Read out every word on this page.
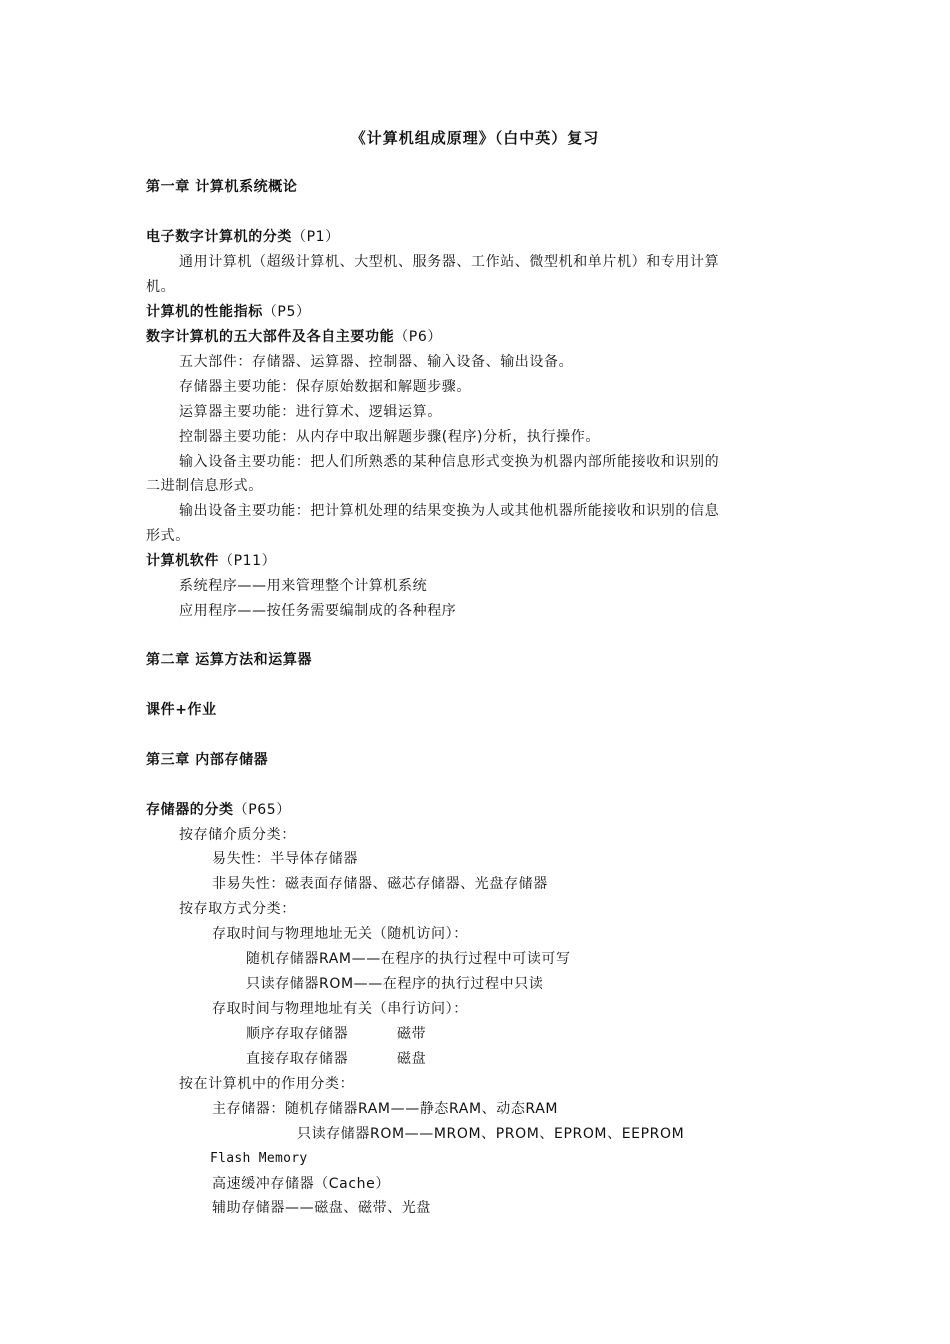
《计算机组成原理》（白中英）复习
第一章 计算机系统概论
电子数字计算机的分类（P1）
通用计算机（超级计算机、大型机、服务器、工作站、微型机和单片机）和专用计算
机。
计算机的性能指标（P5）
数字计算机的五大部件及各自主要功能（P6）
五大部件：存储器、运算器、控制器、输入设备、输出设备。
存储器主要功能：保存原始数据和解题步骤。
运算器主要功能：进行算术、逻辑运算。
控制器主要功能：从内存中取出解题步骤(程序)分析，执行操作。
输入设备主要功能：把人们所熟悉的某种信息形式变换为机器内部所能接收和识别的
二进制信息形式。
输出设备主要功能：把计算机处理的结果变换为人或其他机器所能接收和识别的信息
形式。
计算机软件（P11）
系统程序——用来管理整个计算机系统
应用程序——按任务需要编制成的各种程序
第二章 运算方法和运算器
课件+作业
第三章 内部存储器
存储器的分类（P65）
按存储介质分类：
易失性：半导体存储器
非易失性：磁表面存储器、磁芯存储器、光盘存储器
按存取方式分类：
存取时间与物理地址无关（随机访问）：
随机存储器RAM——在程序的执行过程中可读可写
只读存储器ROM——在程序的执行过程中只读
存取时间与物理地址有关（串行访问）：
顺序存取存储器	磁带
直接存取存储器	磁盘
按在计算机中的作用分类：
主存储器：随机存储器RAM——静态RAM、动态RAM
只读存储器ROM——MROM、PROM、EPROM、EEPROM
Flash Memory
高速缓冲存储器（Cache）
辅助存储器——磁盘、磁带、光盘
